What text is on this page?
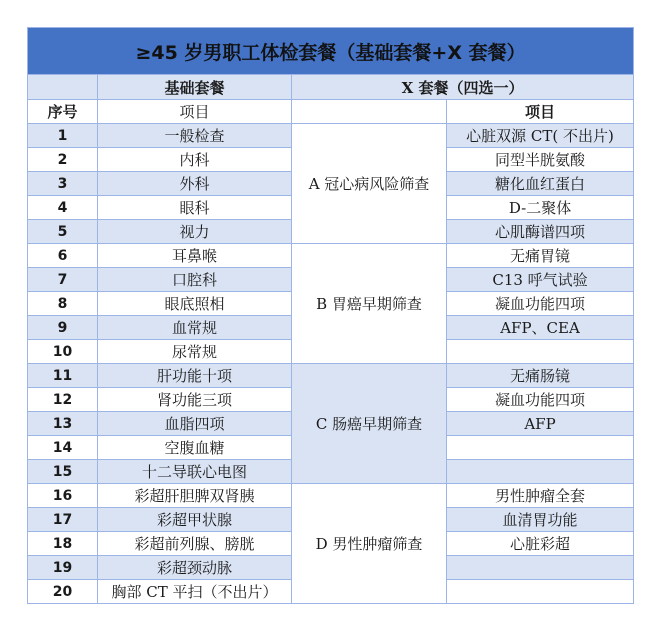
≥45 岁男职工体检套餐（基础套餐+X 套餐）			
	基础套餐	X 套餐（四选一）	
序号	项目		项目
1	一般检查	A 冠心病风险筛查	心脏双源 CT( 不出片)
2	内科		同型半胱氨酸
3	外科		糖化血红蛋白
4	眼科		D-二聚体
5	视力		心肌酶谱四项
6	耳鼻喉	B 胃癌早期筛查	无痛胃镜
7	口腔科		C13 呼气试验
8	眼底照相		凝血功能四项
9	血常规		AFP、CEA
10	尿常规		
11	肝功能十项	C 肠癌早期筛查	无痛肠镜
12	肾功能三项		凝血功能四项
13	血脂四项		AFP
14	空腹血糖		
15	十二导联心电图		
16	彩超肝胆脾双肾胰	D 男性肿瘤筛查	男性肿瘤全套
17	彩超甲状腺		血清胃功能
18	彩超前列腺、膀胱		心脏彩超
19	彩超颈动脉		
20	胸部 CT 平扫（不出片）		
